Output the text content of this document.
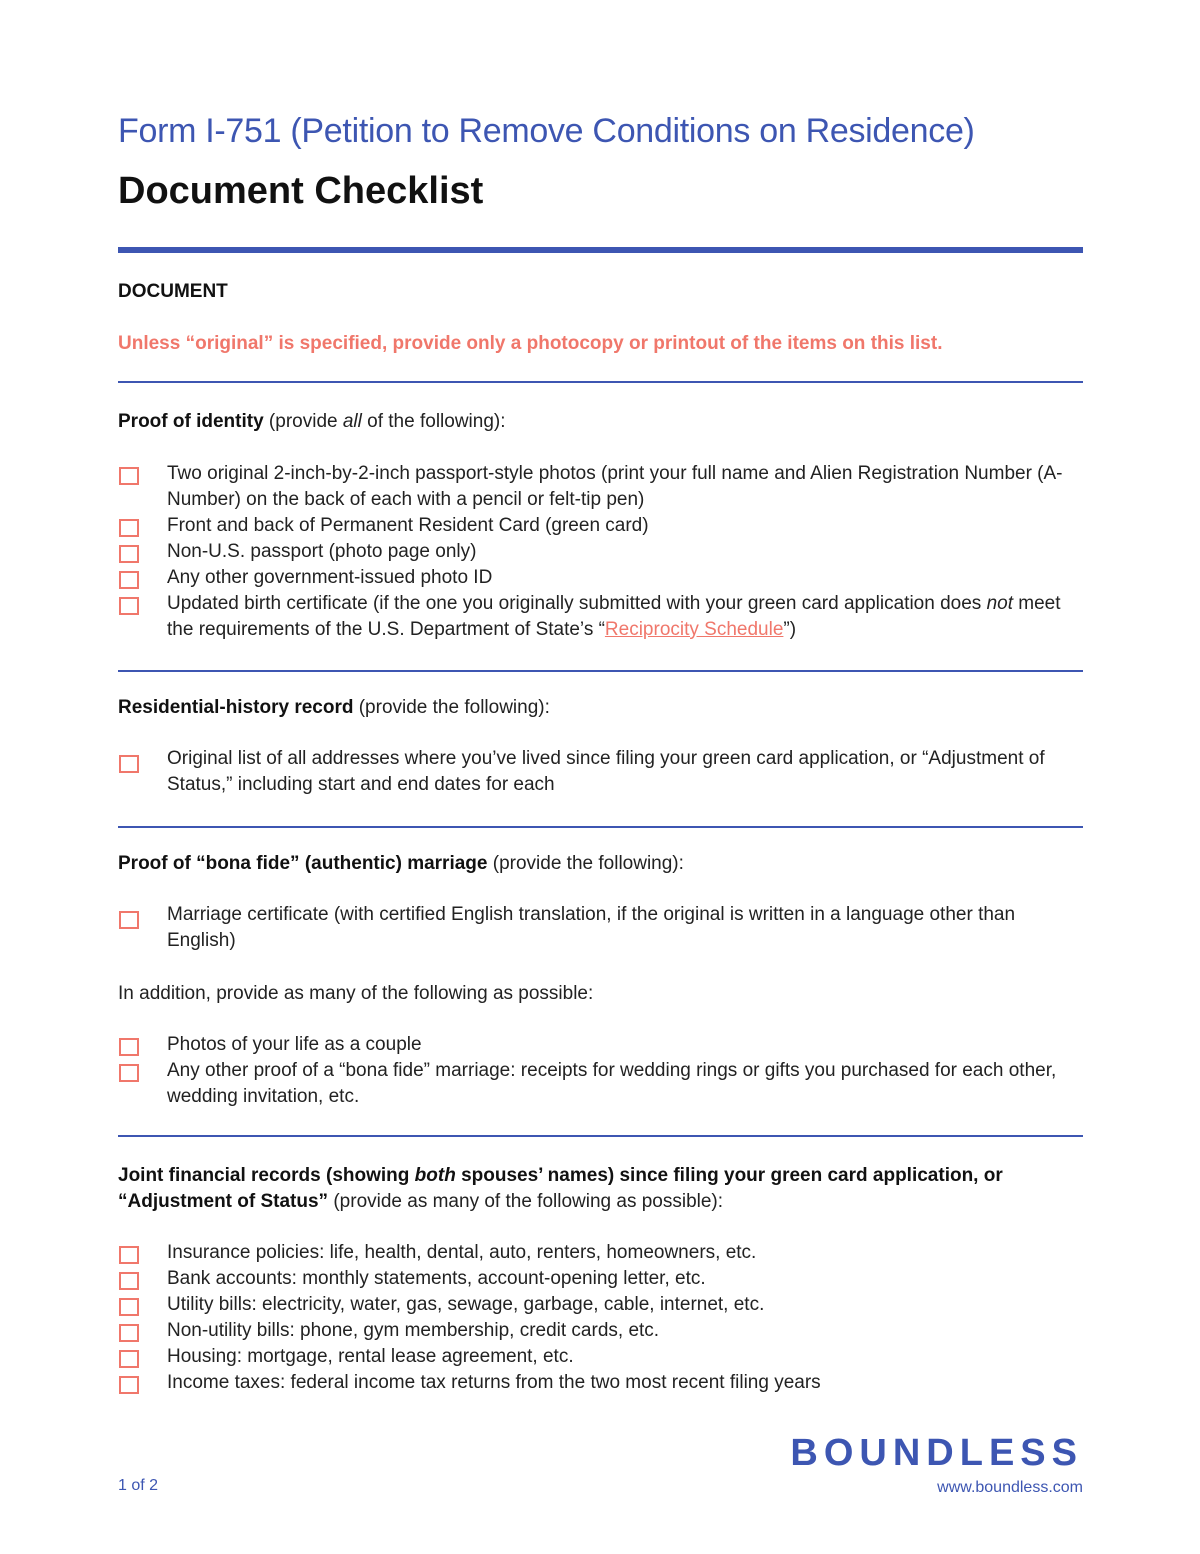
Form I-751 (Petition to Remove Conditions on Residence)
Document Checklist
DOCUMENT
Unless “original” is specified, provide only a photocopy or printout of the items on this list.
Proof of identity (provide all of the following):
Two original 2-inch-by-2-inch passport-style photos (print your full name and Alien Registration Number (A-Number) on the back of each with a pencil or felt-tip pen)
Front and back of Permanent Resident Card (green card)
Non-U.S. passport (photo page only)
Any other government-issued photo ID
Updated birth certificate (if the one you originally submitted with your green card application does not meet the requirements of the U.S. Department of State’s “Reciprocity Schedule”)
Residential-history record (provide the following):
Original list of all addresses where you’ve lived since filing your green card application, or “Adjustment of Status,” including start and end dates for each
Proof of “bona fide” (authentic) marriage (provide the following):
Marriage certificate (with certified English translation, if the original is written in a language other than English)
In addition, provide as many of the following as possible:
Photos of your life as a couple
Any other proof of a “bona fide” marriage: receipts for wedding rings or gifts you purchased for each other, wedding invitation, etc.
Joint financial records (showing both spouses’ names) since filing your green card application, or “Adjustment of Status” (provide as many of the following as possible):
Insurance policies: life, health, dental, auto, renters, homeowners, etc.
Bank accounts: monthly statements, account-opening letter, etc.
Utility bills: electricity, water, gas, sewage, garbage, cable, internet, etc.
Non-utility bills: phone, gym membership, credit cards, etc.
Housing: mortgage, rental lease agreement, etc.
Income taxes: federal income tax returns from the two most recent filing years
BOUNDLESS
1 of 2	www.boundless.com
